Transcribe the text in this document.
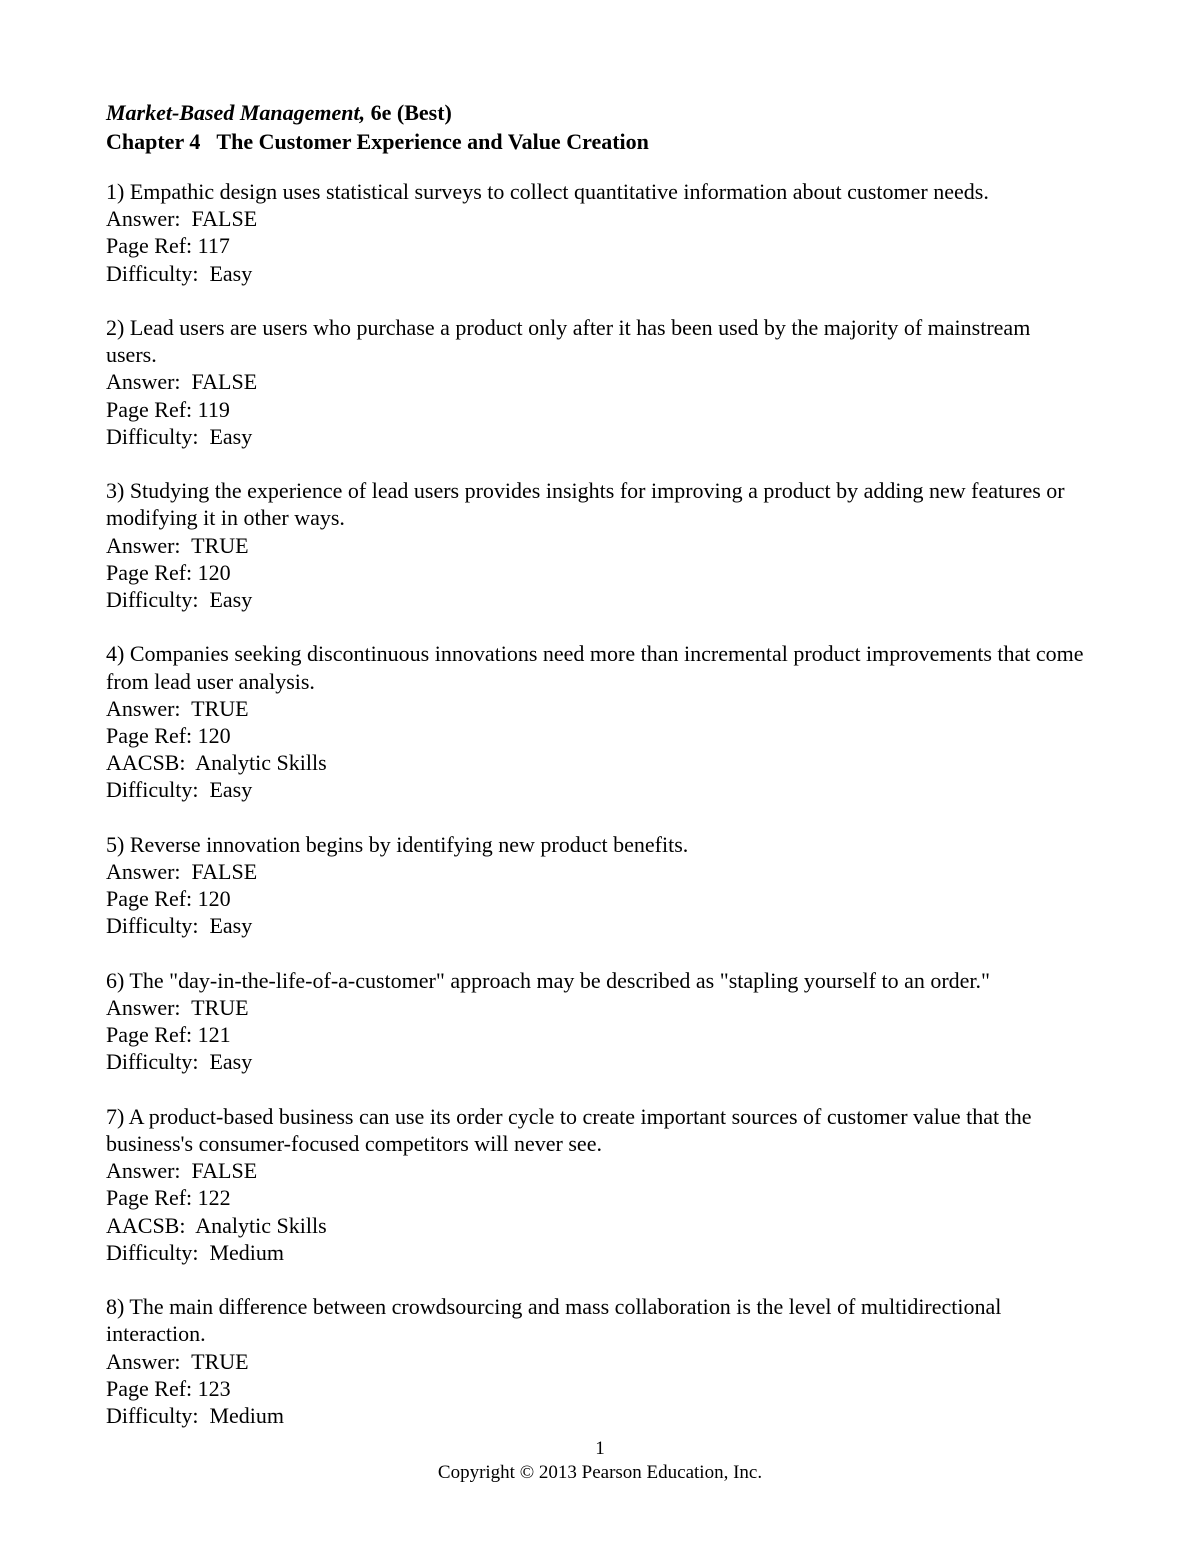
Market-Based Management, 6e (Best)
Chapter 4   The Customer Experience and Value Creation
1) Empathic design uses statistical surveys to collect quantitative information about customer needs.
Answer:  FALSE
Page Ref: 117
Difficulty:  Easy
2) Lead users are users who purchase a product only after it has been used by the majority of mainstream users.
Answer:  FALSE
Page Ref: 119
Difficulty:  Easy
3) Studying the experience of lead users provides insights for improving a product by adding new features or modifying it in other ways.
Answer:  TRUE
Page Ref: 120
Difficulty:  Easy
4) Companies seeking discontinuous innovations need more than incremental product improvements that come from lead user analysis.
Answer:  TRUE
Page Ref: 120
AACSB:  Analytic Skills
Difficulty:  Easy
5) Reverse innovation begins by identifying new product benefits.
Answer:  FALSE
Page Ref: 120
Difficulty:  Easy
6) The "day-in-the-life-of-a-customer" approach may be described as "stapling yourself to an order."
Answer:  TRUE
Page Ref: 121
Difficulty:  Easy
7) A product-based business can use its order cycle to create important sources of customer value that the business's consumer-focused competitors will never see.
Answer:  FALSE
Page Ref: 122
AACSB:  Analytic Skills
Difficulty:  Medium
8) The main difference between crowdsourcing and mass collaboration is the level of multidirectional interaction.
Answer:  TRUE
Page Ref: 123
Difficulty:  Medium
1
Copyright © 2013 Pearson Education, Inc.
